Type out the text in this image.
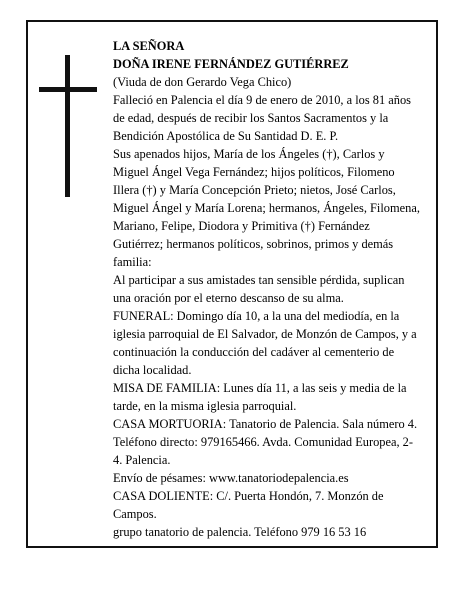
LA SEÑORA

DOÑA IRENE FERNÁNDEZ GUTIÉRREZ

(Viuda de don Gerardo Vega Chico)

Falleció en Palencia el día 9 de enero de 2010, a los 81 años de edad, después de recibir los Santos Sacramentos y la Bendición Apostólica de Su Santidad D. E. P.

Sus apenados hijos, María de los Ángeles (†), Carlos y Miguel Ángel Vega Fernández; hijos políticos, Filomeno Illera (†) y María Concepción Prieto; nietos, José Carlos, Miguel Ángel y María Lorena; hermanos, Ángeles, Filomena, Mariano, Felipe, Diodora y Primitiva (†) Fernández Gutiérrez; hermanos políticos, sobrinos, primos y demás familia:

Al participar a sus amistades tan sensible pérdida, suplican una oración por el eterno descanso de su alma.

FUNERAL: Domingo día 10, a la una del mediodía, en la iglesia parroquial de El Salvador, de Monzón de Campos, y a continuación la conducción del cadáver al cementerio de dicha localidad.

MISA DE FAMILIA: Lunes día 11, a las seis y media de la tarde, en la misma iglesia parroquial.

CASA MORTUORIA: Tanatorio de Palencia. Sala número 4. Teléfono directo: 979165466. Avda. Comunidad Europea, 2-4. Palencia.

Envío de pésames: www.tanatoriodepalencia.es

CASA DOLIENTE: C/. Puerta Hondón, 7. Monzón de Campos.

grupo tanatorio de palencia. Teléfono 979 16 53 16
